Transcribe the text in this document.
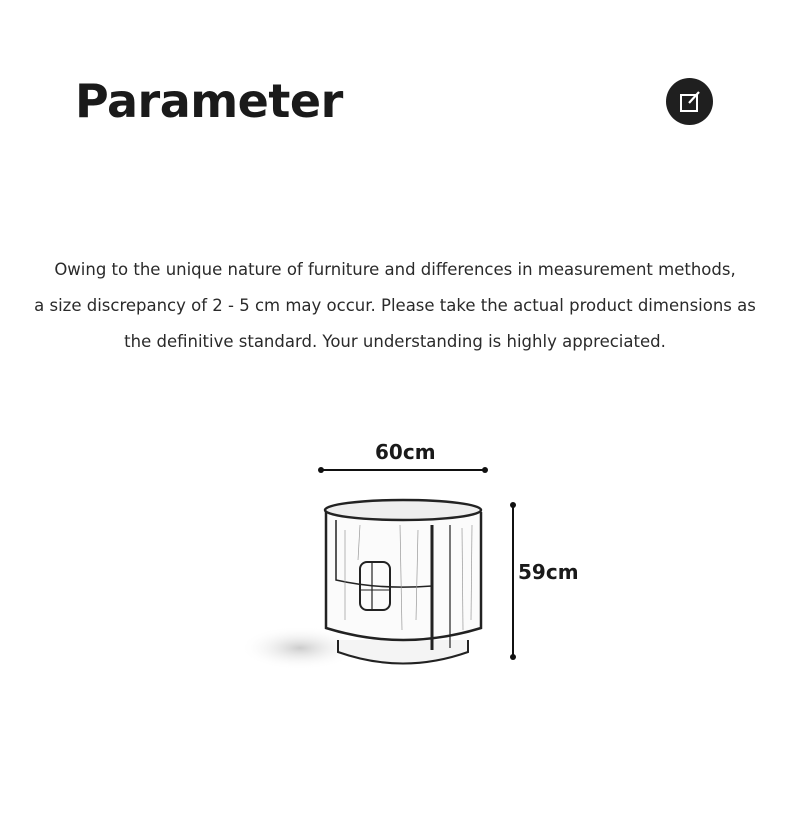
Parameter
Owing to the unique nature of furniture and differences in measurement methods,
a size discrepancy of 2 - 5 cm may occur. Please take the actual product dimensions as
the definitive standard. Your understanding is highly appreciated.
60cm
59cm
